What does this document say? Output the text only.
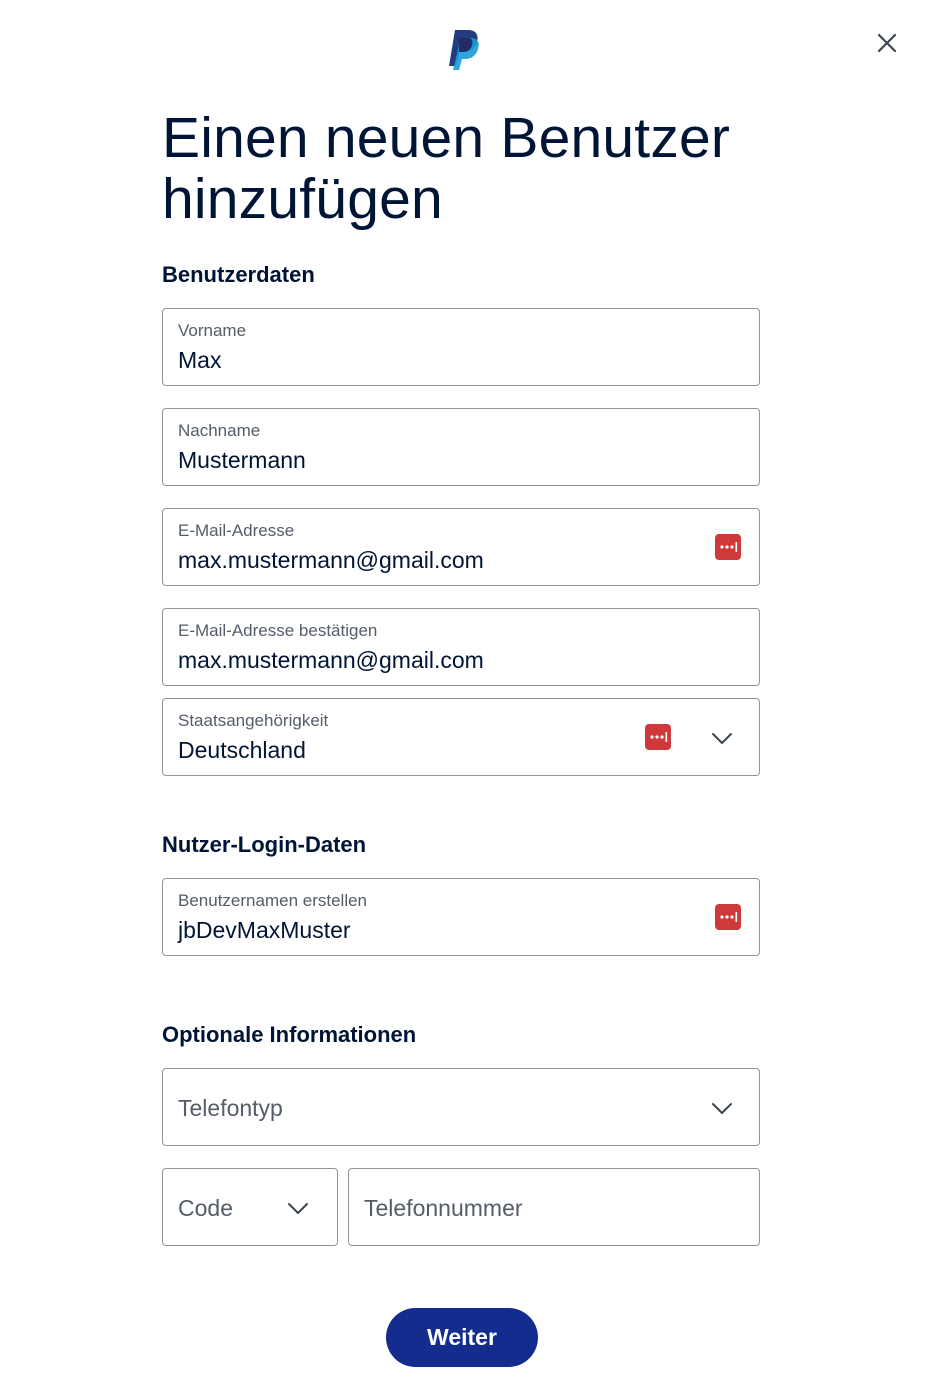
Einen neuen Benutzer hinzufügen
Benutzerdaten
Vorname
Max
Nachname
Mustermann
E-Mail-Adresse
max.mustermann@gmail.com
E-Mail-Adresse bestätigen
max.mustermann@gmail.com
Staatsangehörigkeit
Deutschland
Nutzer-Login-Daten
Benutzernamen erstellen
jbDevMaxMuster
Optionale Informationen
Telefontyp
Code	Telefonnummer
Weiter
